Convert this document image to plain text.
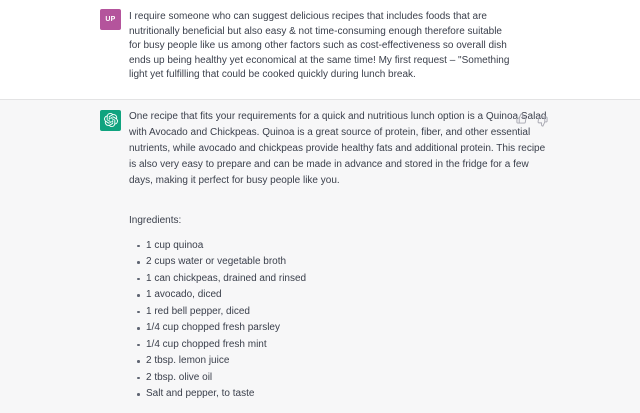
UP I require someone who can suggest delicious recipes that includes foods that are nutritionally beneficial but also easy & not time-consuming enough therefore suitable for busy people like us among other factors such as cost-effectiveness so overall dish ends up being healthy yet economical at the same time! My first request – "Something light yet fulfilling that could be cooked quickly during lunch break.

One recipe that fits your requirements for a quick and nutritious lunch option is a Quinoa Salad with Avocado and Chickpeas. Quinoa is a great source of protein, fiber, and other essential nutrients, while avocado and chickpeas provide healthy fats and additional protein. This recipe is also very easy to prepare and can be made in advance and stored in the fridge for a few days, making it perfect for busy people like you.

Ingredients:

1 cup quinoa
2 cups water or vegetable broth
1 can chickpeas, drained and rinsed
1 avocado, diced
1 red bell pepper, diced
1/4 cup chopped fresh parsley
1/4 cup chopped fresh mint
2 tbsp. lemon juice
2 tbsp. olive oil
Salt and pepper, to taste
